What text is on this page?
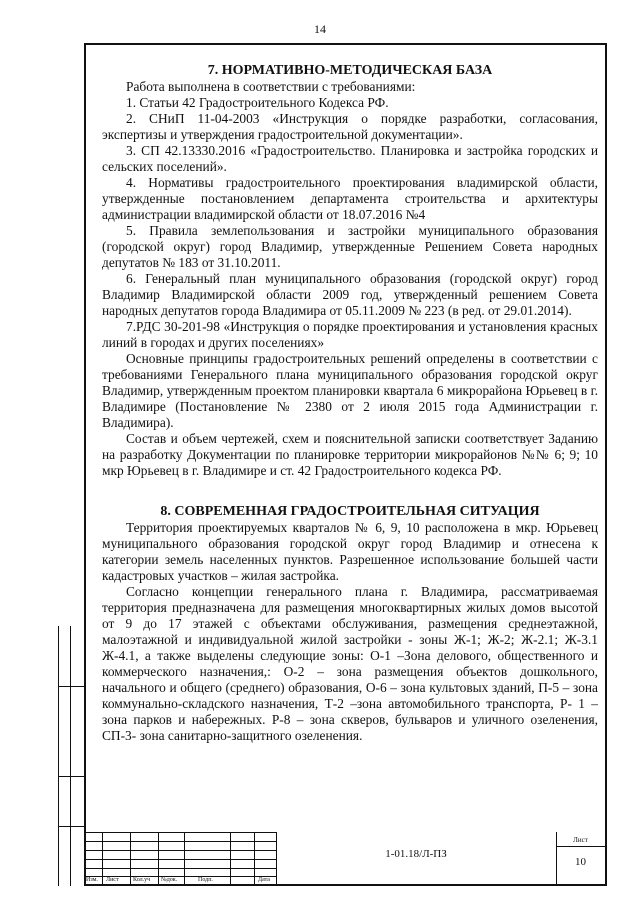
14
7. НОРМАТИВНО-МЕТОДИЧЕСКАЯ БАЗА

Работа выполнена в соответствии с требованиями:

1. Статьи 42 Градостроительного Кодекса РФ.

2. СНиП 11-04-2003 «Инструкция о порядке разработки, согласования, экспертизы и утверждения градостроительной документации».

3. СП 42.13330.2016 «Градостроительство. Планировка и застройка городских и сельских поселений».

4. Нормативы градостроительного проектирования владимирской области, утвержденные постановлением департамента строительства и архитектуры администрации владимирской области от 18.07.2016 №4

5. Правила землепользования и застройки муниципального образования (городской округ) город Владимир, утвержденные Решением Совета народных депутатов № 183 от 31.10.2011.

6. Генеральный план муниципального образования (городской округ) город Владимир Владимирской области 2009 год, утвержденный решением Совета народных депутатов города Владимира от 05.11.2009 № 223 (в ред. от 29.01.2014).

7.РДС 30-201-98 «Инструкция о порядке проектирования и установления красных линий в городах и других поселениях»

Основные принципы градостроительных решений определены в соответствии с требованиями Генерального плана муниципального образования городской округ Владимир, утвержденным проектом планировки квартала 6 микрорайона Юрьевец в г. Владимире (Постановление № 2380 от 2 июля 2015 года Администрации г. Владимира).

Состав и объем чертежей, схем и пояснительной записки соответствует Заданию на разработку Документации по планировке территории микрорайонов №№ 6; 9; 10 мкр Юрьевец в г. Владимире и ст. 42 Градостроительного кодекса РФ.

8. СОВРЕМЕННАЯ ГРАДОСТРОИТЕЛЬНАЯ СИТУАЦИЯ

Территория проектируемых кварталов № 6, 9, 10 расположена в мкр. Юрьевец муниципального образования городской округ город Владимир и отнесена к категории земель населенных пунктов. Разрешенное использование большей части кадастровых участков – жилая застройка.

Согласно концепции генерального плана г. Владимира, рассматриваемая территория предназначена для размещения многоквартирных жилых домов высотой от 9 до 17 этажей с объектами обслуживания, размещения среднеэтажной, малоэтажной и индивидуальной жилой застройки - зоны Ж-1; Ж-2; Ж-2.1; Ж-3.1 Ж-4.1, а также выделены следующие зоны: О-1 –Зона делового, общественного и коммерческого назначения,: О-2 – зона размещения объектов дошкольного, начального и общего (среднего) образования, О-6 – зона культовых зданий, П-5 – зона коммунально-складского назначения, Т-2 –зона автомобильного транспорта, Р- 1 – зона парков и набережных. Р-8 – зона скверов, бульваров и уличного озеленения, СП-3- зона санитарно-защитного озеленения.

Изм. Лист Кол.уч №док.	Подп.	Дата
1-01.18/Л-ПЗ
Лист
10
